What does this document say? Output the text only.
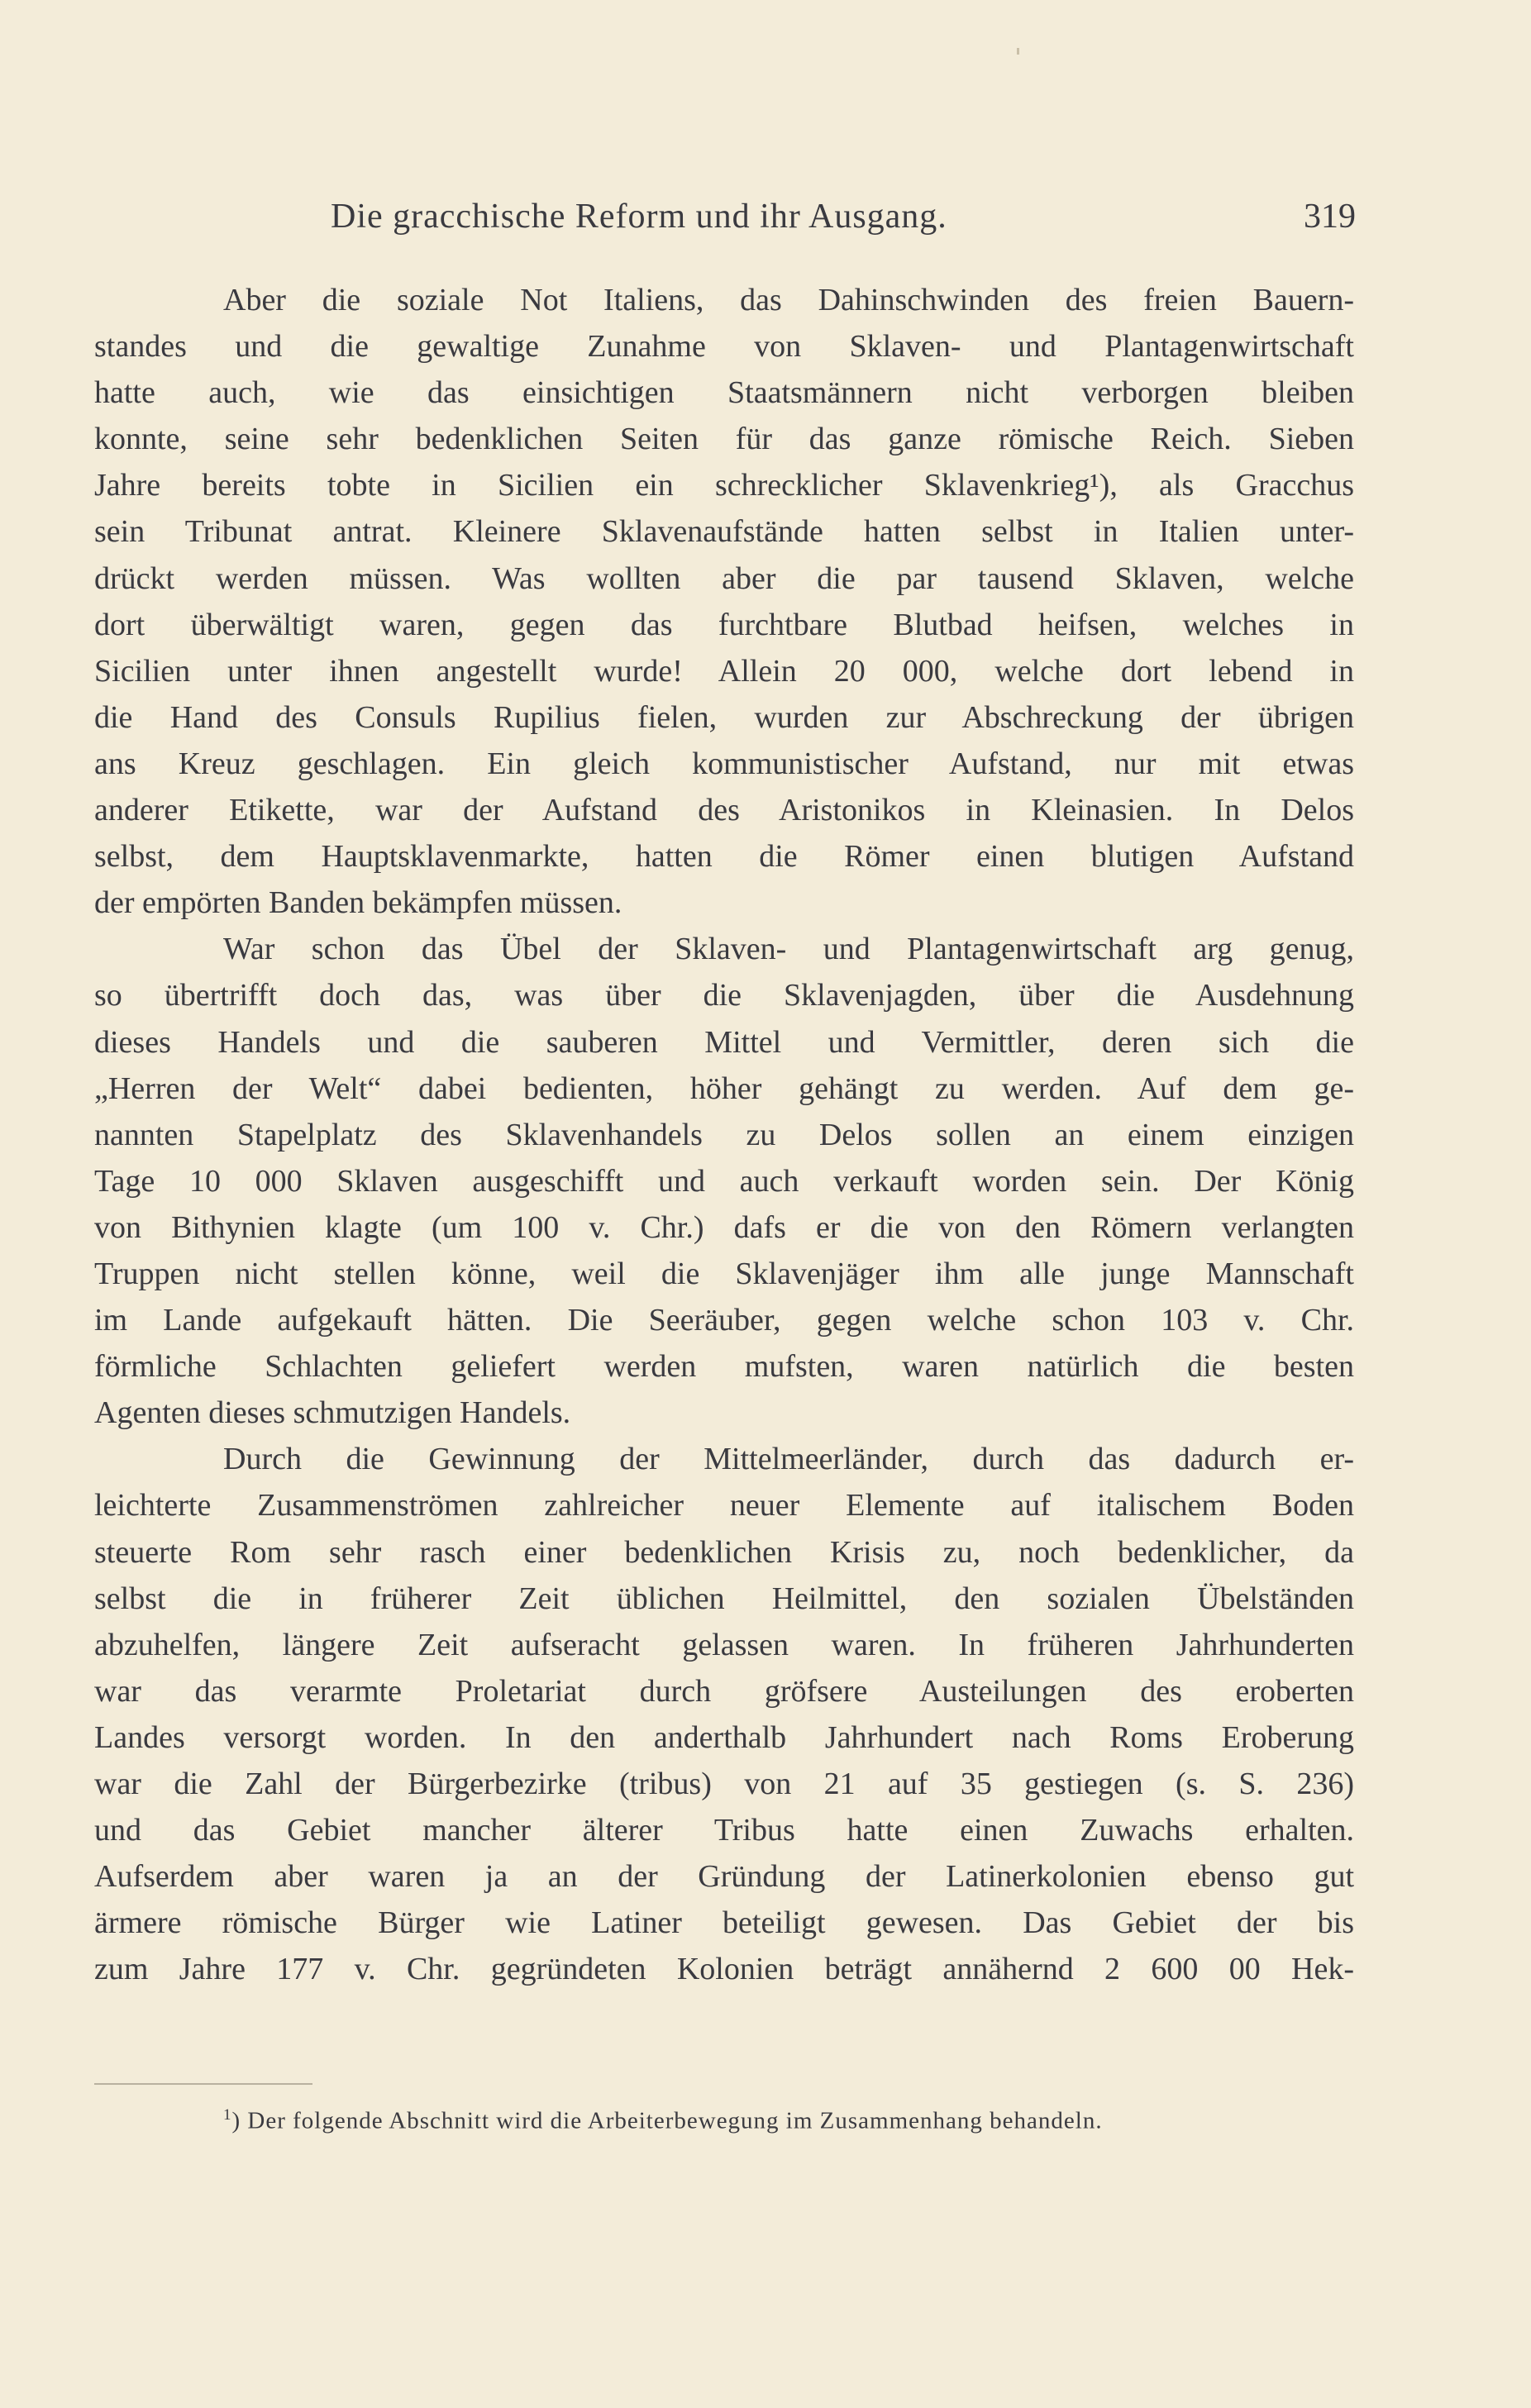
Die gracchische Reform und ihr Ausgang.	319
Aber die soziale Not Italiens, das Dahinschwinden des freien Bauern-
standes und die gewaltige Zunahme von Sklaven- und Plantagenwirtschaft
hatte auch, wie das einsichtigen Staatsmännern nicht verborgen bleiben
konnte, seine sehr bedenklichen Seiten für das ganze römische Reich. Sieben
Jahre bereits tobte in Sicilien ein schrecklicher Sklavenkrieg¹), als Gracchus
sein Tribunat antrat. Kleinere Sklavenaufstände hatten selbst in Italien unter-
drückt werden müssen. Was wollten aber die par tausend Sklaven, welche
dort überwältigt waren, gegen das furchtbare Blutbad heifsen, welches in
Sicilien unter ihnen angestellt wurde! Allein 20 000, welche dort lebend in
die Hand des Consuls Rupilius fielen, wurden zur Abschreckung der übrigen
ans Kreuz geschlagen. Ein gleich kommunistischer Aufstand, nur mit etwas
anderer Etikette, war der Aufstand des Aristonikos in Kleinasien. In Delos
selbst, dem Hauptsklavenmarkte, hatten die Römer einen blutigen Aufstand
der empörten Banden bekämpfen müssen.
War schon das Übel der Sklaven- und Plantagenwirtschaft arg genug,
so übertrifft doch das, was über die Sklavenjagden, über die Ausdehnung
dieses Handels und die sauberen Mittel und Vermittler, deren sich die
„Herren der Welt“ dabei bedienten, höher gehängt zu werden. Auf dem ge-
nannten Stapelplatz des Sklavenhandels zu Delos sollen an einem einzigen
Tage 10 000 Sklaven ausgeschifft und auch verkauft worden sein. Der König
von Bithynien klagte (um 100 v. Chr.) dafs er die von den Römern verlangten
Truppen nicht stellen könne, weil die Sklavenjäger ihm alle junge Mannschaft
im Lande aufgekauft hätten. Die Seeräuber, gegen welche schon 103 v. Chr.
förmliche Schlachten geliefert werden mufsten, waren natürlich die besten
Agenten dieses schmutzigen Handels.
Durch die Gewinnung der Mittelmeerländer, durch das dadurch er-
leichterte Zusammenströmen zahlreicher neuer Elemente auf italischem Boden
steuerte Rom sehr rasch einer bedenklichen Krisis zu, noch bedenklicher, da
selbst die in früherer Zeit üblichen Heilmittel, den sozialen Übelständen
abzuhelfen, längere Zeit aufseracht gelassen waren. In früheren Jahrhunderten
war das verarmte Proletariat durch gröfsere Austeilungen des eroberten
Landes versorgt worden. In den anderthalb Jahrhundert nach Roms Eroberung
war die Zahl der Bürgerbezirke (tribus) von 21 auf 35 gestiegen (s. S. 236)
und das Gebiet mancher älterer Tribus hatte einen Zuwachs erhalten.
Aufserdem aber waren ja an der Gründung der Latinerkolonien ebenso gut
ärmere römische Bürger wie Latiner beteiligt gewesen. Das Gebiet der bis
zum Jahre 177 v. Chr. gegründeten Kolonien beträgt annähernd 2 600 00 Hek-
$^1$) Der folgende Abschnitt wird die Arbeiterbewegung im Zusammenhang behandeln.
